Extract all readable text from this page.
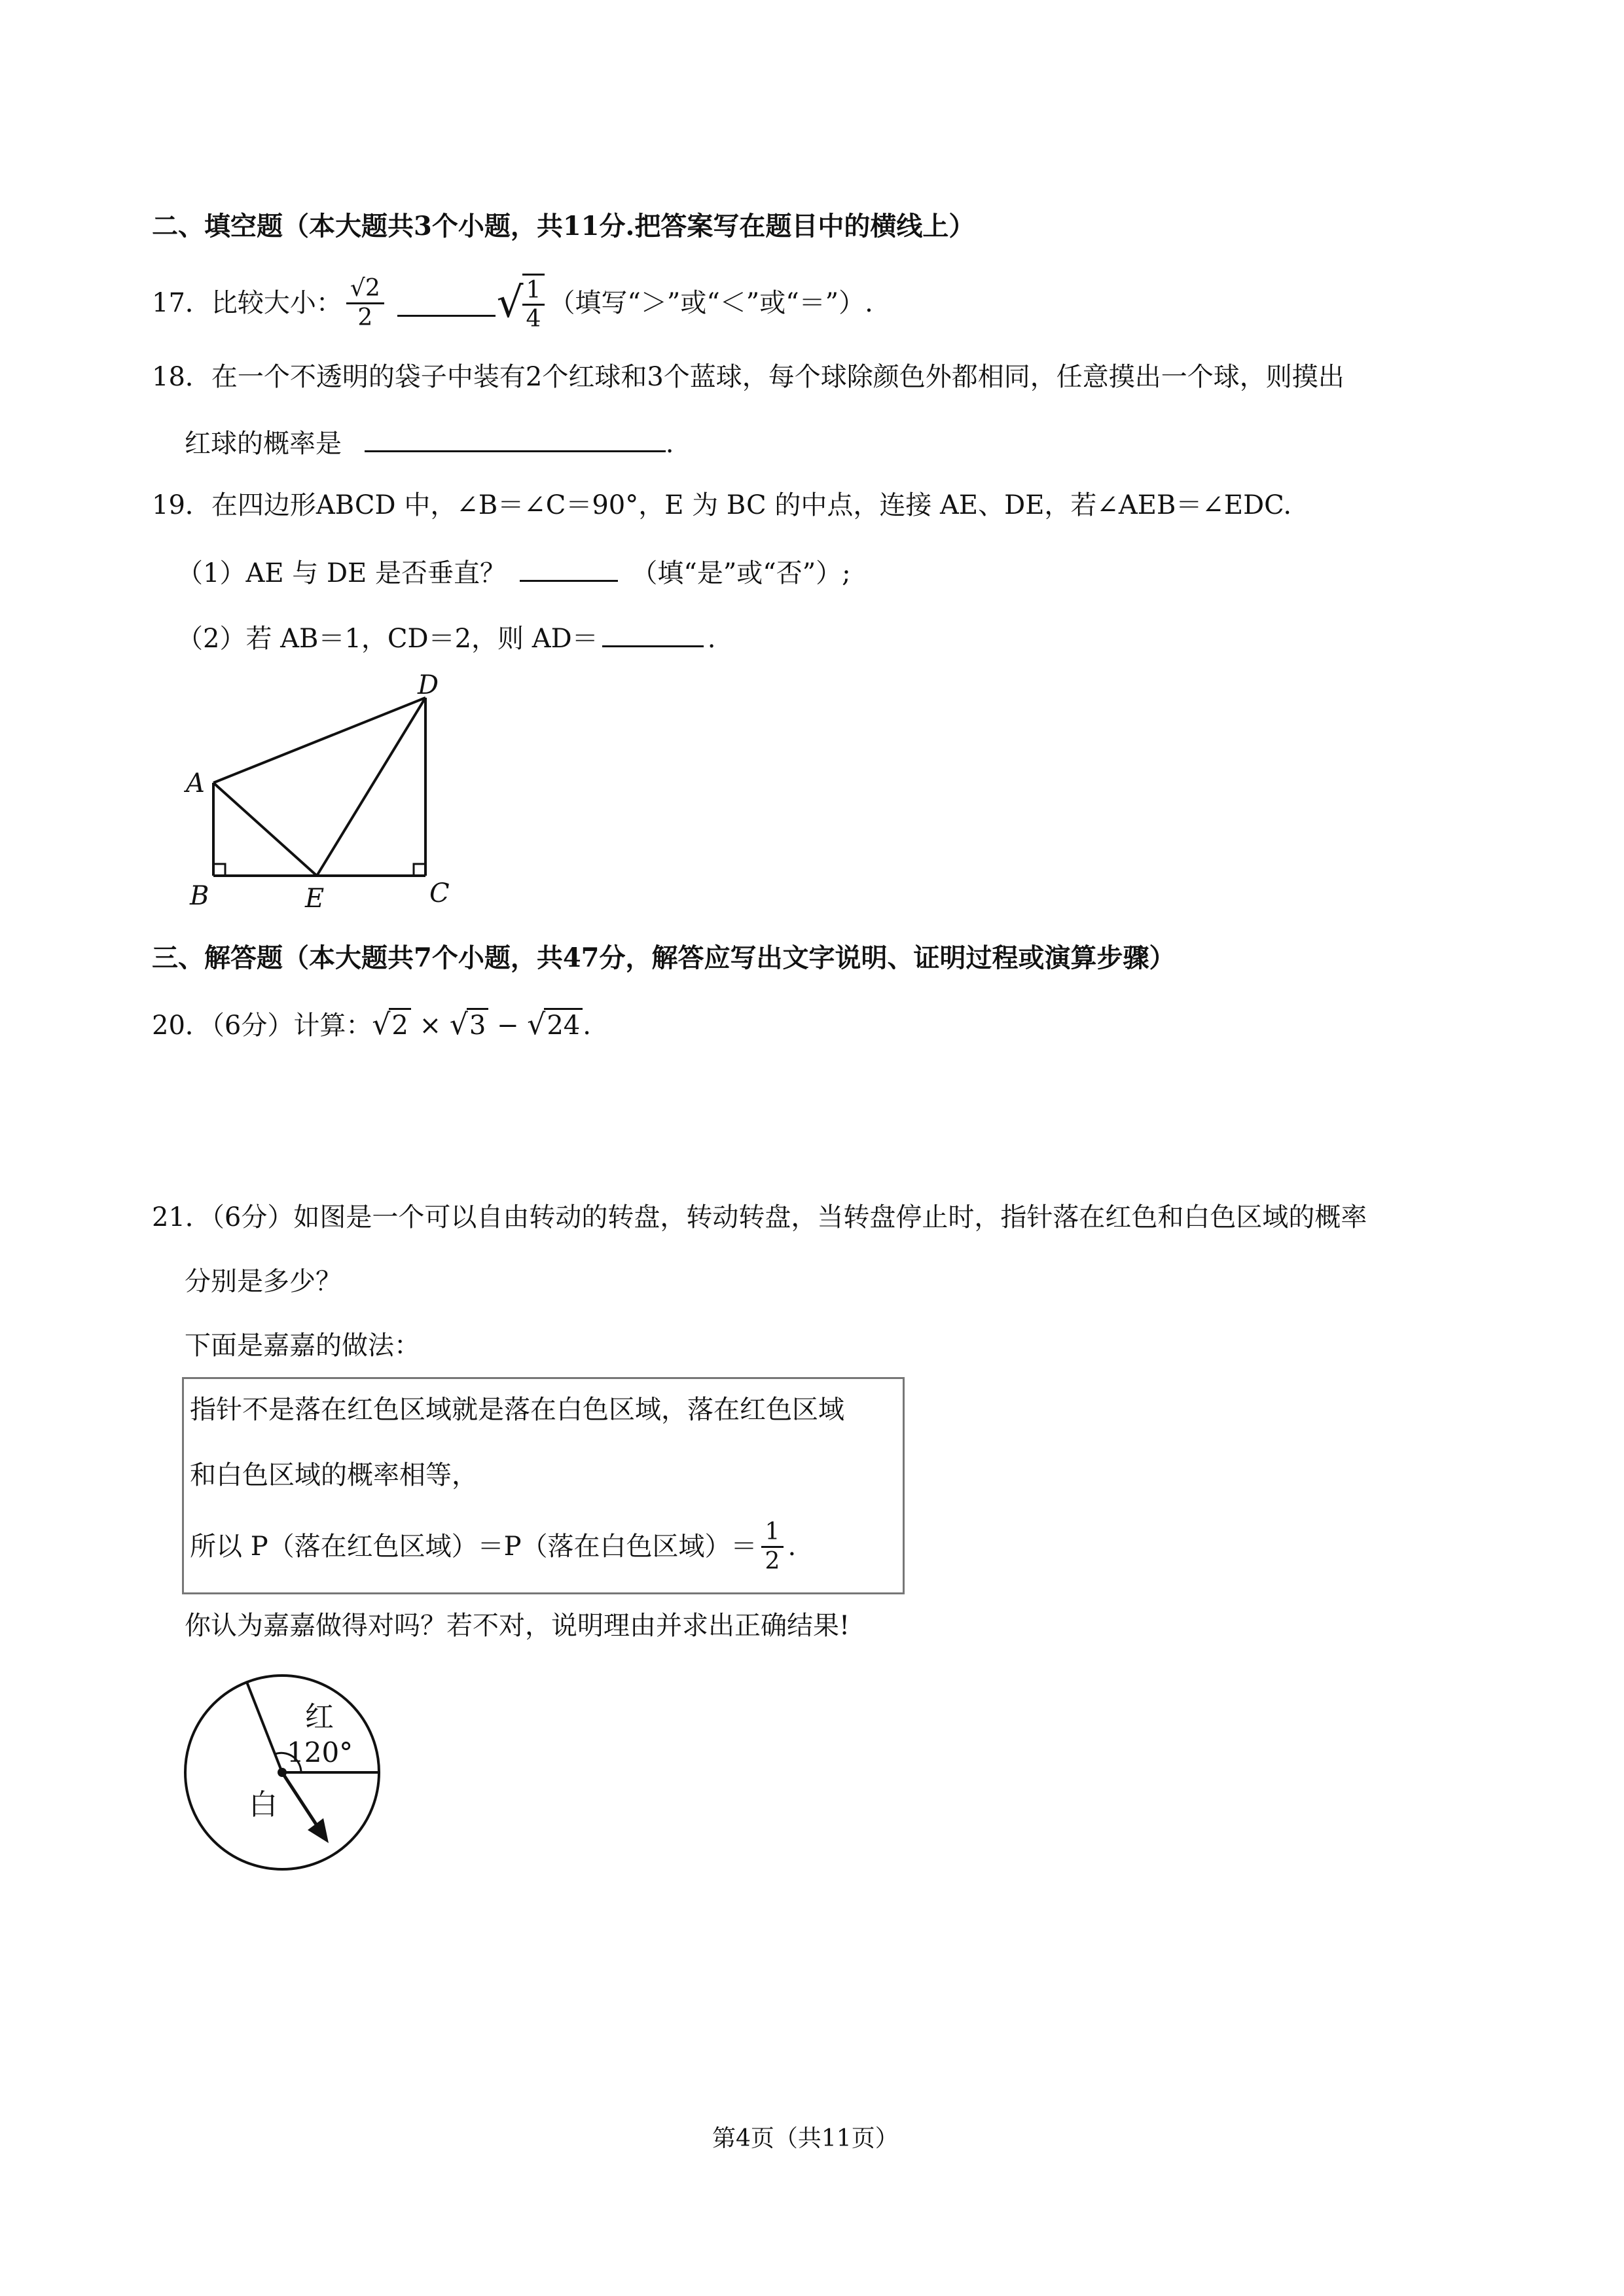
二、填空题（本大题共3个小题，共11分.把答案写在题目中的横线上）
17．比较大小： $\frac{√2}{2}$	√
$\frac{1}{4}$ （填写“＞”或“＜”或“＝”）.
18．在一个不透明的袋子中装有2个红球和3个蓝球，每个球除颜色外都相同，任意摸出一个球，则摸出
红球的概率是	.
19．在四边形ABCD 中，∠B＝∠C＝90°，E 为 BC 的中点，连接 AE、DE，若∠AEB＝∠EDC.
（1）AE 与 DE 是否垂直？	（填“是”或“否”）;
（2）若 AB＝1，CD＝2，则 AD＝	.
A
B	C
D
E
三、解答题（本大题共7个小题，共47分，解答应写出文字说明、证明过程或演算步骤）
20．（6分）计算：√2 × √3 − √24 .
21．（6分）如图是一个可以自由转动的转盘，转动转盘，当转盘停止时，指针落在红色和白色区域的概率
分别是多少？
下面是嘉嘉的做法：
指针不是落在红色区域就是落在白色区域，落在红色区域
和白色区域的概率相等，
所以 P（落在红色区域）＝P（落在白色区域）＝ $\frac{1}{2}$ .
你认为嘉嘉做得对吗？若不对，说明理由并求出正确结果!
红
120°
白
第4页（共11页）
